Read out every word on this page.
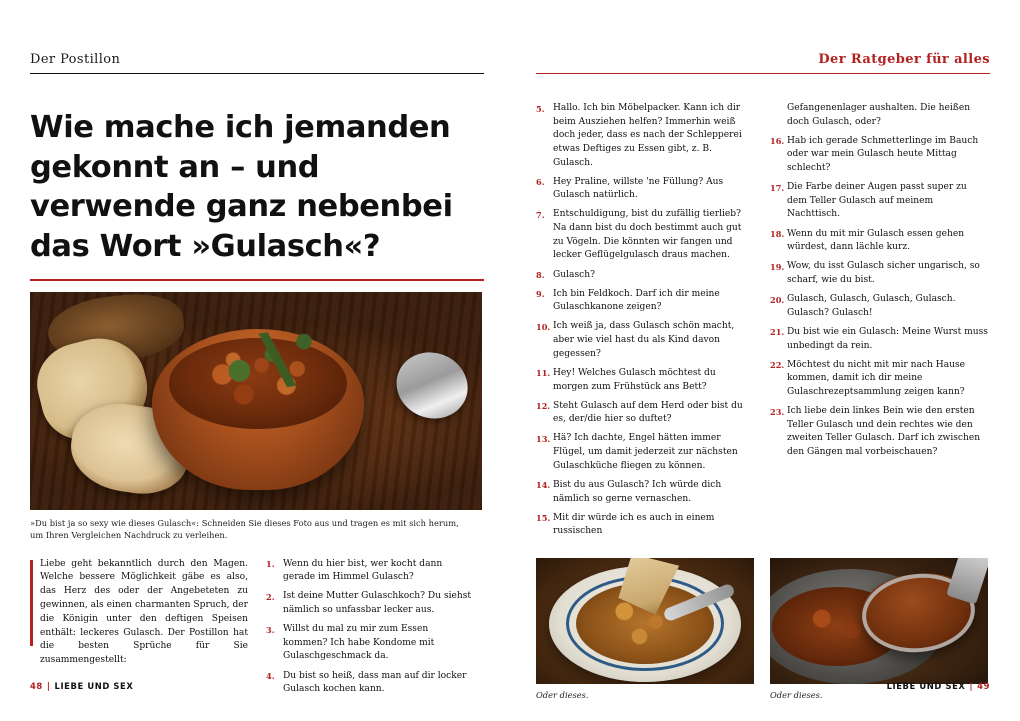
Der Postillon
Wie mache ich jemanden gekonnt an – und verwende ganz nebenbei das Wort »Gulasch«?
»Du bist ja so sexy wie dieses Gulasch«: Schneiden Sie dieses Foto aus und tragen es mit sich herum, um Ihren Vergleichen Nachdruck zu verleihen.
Liebe geht bekanntlich durch den Magen. Welche bessere Möglichkeit gäbe es also, das Herz des oder der Angebeteten zu gewinnen, als einen charmanten Spruch, der die Königin unter den deftigen Speisen enthält: leckeres Gulasch. Der Postillon hat die besten Sprüche für Sie zusammengestellt:
1. Wenn du hier bist, wer kocht dann gerade im Himmel Gulasch?
2. Ist deine Mutter Gulaschkoch? Du siehst nämlich so unfassbar lecker aus.
3. Willst du mal zu mir zum Essen kommen? Ich habe Kondome mit Gulaschgeschmack da.
4. Du bist so heiß, dass man auf dir locker Gulasch kochen kann.
48 | LIEBE UND SEX
Der Ratgeber für alles
5. Hallo. Ich bin Möbelpacker. Kann ich dir beim Ausziehen helfen? Immerhin weiß doch jeder, dass es nach der Schlepperei etwas Deftiges zu Essen gibt, z. B. Gulasch.
6. Hey Praline, willste 'ne Füllung? Aus Gulasch natürlich.
7. Entschuldigung, bist du zufällig tierlieb? Na dann bist du doch bestimmt auch gut zu Vögeln. Die könnten wir fangen und lecker Geflügelgulasch draus machen.
8. Gulasch?
9. Ich bin Feldkoch. Darf ich dir meine Gulaschkanone zeigen?
10. Ich weiß ja, dass Gulasch schön macht, aber wie viel hast du als Kind davon gegessen?
11. Hey! Welches Gulasch möchtest du morgen zum Frühstück ans Bett?
12. Steht Gulasch auf dem Herd oder bist du es, der/die hier so duftet?
13. Hä? Ich dachte, Engel hätten immer Flügel, um damit jederzeit zur nächsten Gulaschküche fliegen zu können.
14. Bist du aus Gulasch? Ich würde dich nämlich so gerne vernaschen.
15. Mit dir würde ich es auch in einem russischen
Gefangenenlager aushalten. Die heißen doch Gulasch, oder?
16. Hab ich gerade Schmetterlinge im Bauch oder war mein Gulasch heute Mittag schlecht?
17. Die Farbe deiner Augen passt super zu dem Teller Gulasch auf meinem Nachttisch.
18. Wenn du mit mir Gulasch essen gehen würdest, dann lächle kurz.
19. Wow, du isst Gulasch sicher ungarisch, so scharf, wie du bist.
20. Gulasch, Gulasch, Gulasch, Gulasch. Gulasch? Gulasch!
21. Du bist wie ein Gulasch: Meine Wurst muss unbedingt da rein.
22. Möchtest du nicht mit mir nach Hause kommen, damit ich dir meine Gulaschrezeptsammlung zeigen kann?
23. Ich liebe dein linkes Bein wie den ersten Teller Gulasch und dein rechtes wie den zweiten Teller Gulasch. Darf ich zwischen den Gängen mal vorbeischauen?
Oder dieses.	Oder dieses.
LIEBE UND SEX | 49
